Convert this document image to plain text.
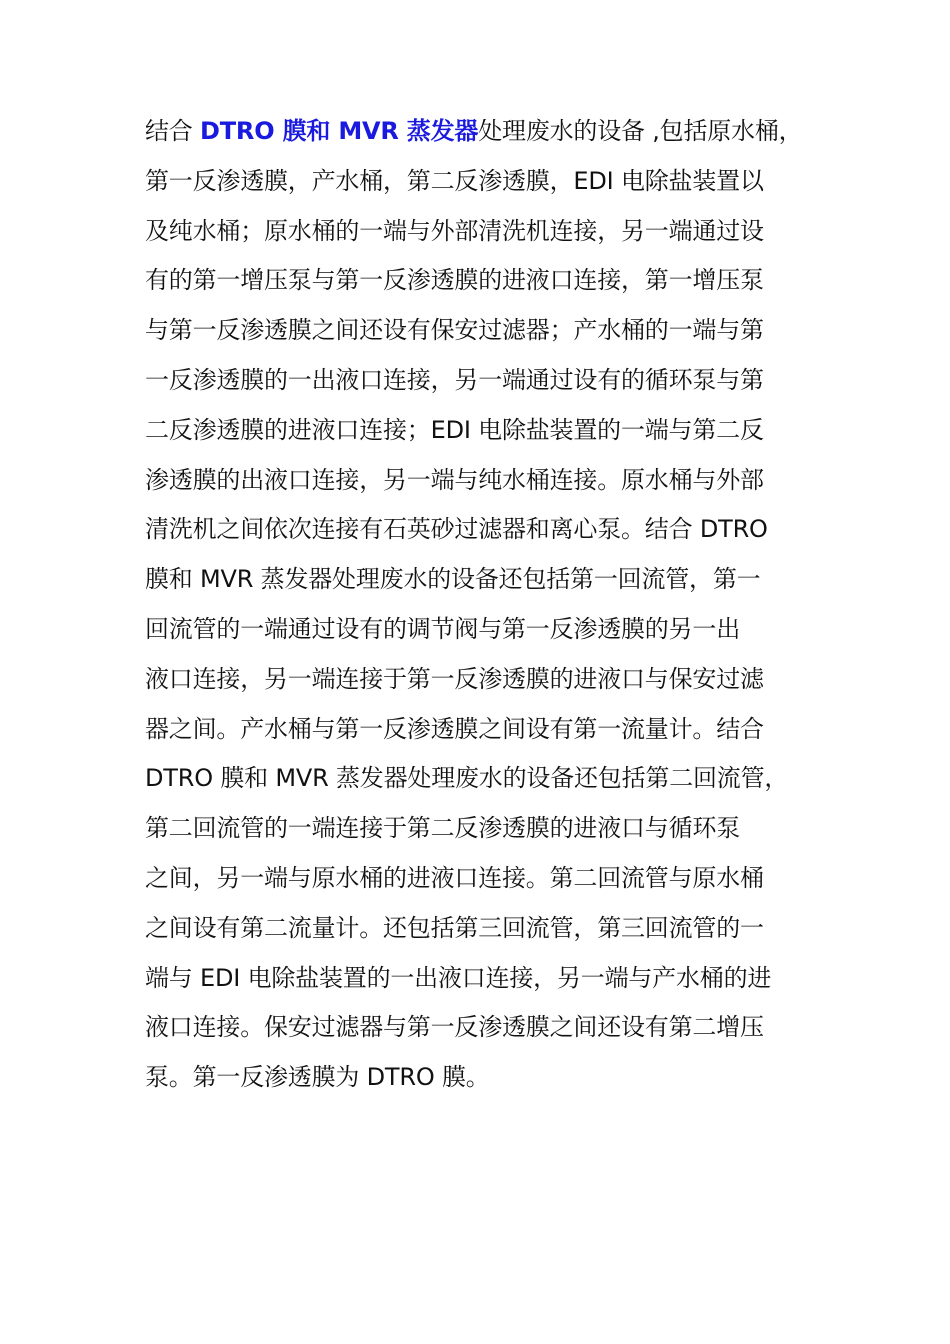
结合 DTRO 膜和 MVR 蒸发器处理废水的设备 ,包括原水桶，
第一反渗透膜，产水桶，第二反渗透膜，EDI 电除盐装置以
及纯水桶；原水桶的一端与外部清洗机连接，另一端通过设
有的第一增压泵与第一反渗透膜的进液口连接，第一增压泵
与第一反渗透膜之间还设有保安过滤器；产水桶的一端与第
一反渗透膜的一出液口连接，另一端通过设有的循环泵与第
二反渗透膜的进液口连接；EDI 电除盐装置的一端与第二反
渗透膜的出液口连接，另一端与纯水桶连接。原水桶与外部
清洗机之间依次连接有石英砂过滤器和离心泵。结合 DTRO
膜和 MVR 蒸发器处理废水的设备还包括第一回流管，第一
回流管的一端通过设有的调节阀与第一反渗透膜的另一出
液口连接，另一端连接于第一反渗透膜的进液口与保安过滤
器之间。产水桶与第一反渗透膜之间设有第一流量计。结合
DTRO 膜和 MVR 蒸发器处理废水的设备还包括第二回流管，
第二回流管的一端连接于第二反渗透膜的进液口与循环泵
之间，另一端与原水桶的进液口连接。第二回流管与原水桶
之间设有第二流量计。还包括第三回流管，第三回流管的一
端与 EDI 电除盐装置的一出液口连接，另一端与产水桶的进
液口连接。保安过滤器与第一反渗透膜之间还设有第二增压
泵。第一反渗透膜为 DTRO 膜。
